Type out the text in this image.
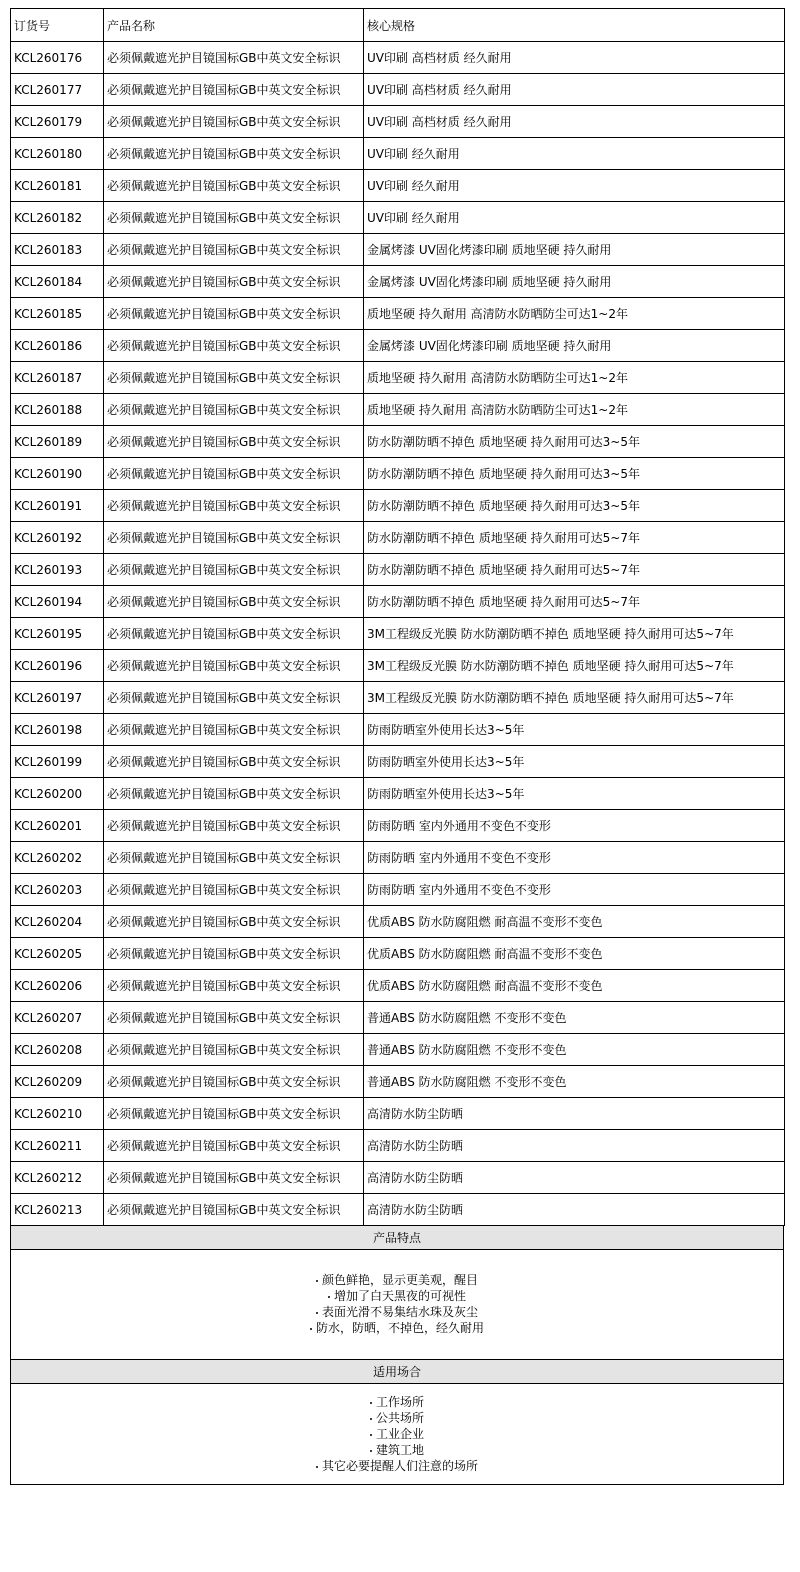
订货号	产品名称	核心规格
KCL260176	必须佩戴遮光护目镜国标GB中英文安全标识	UV印刷 高档材质 经久耐用
KCL260177	必须佩戴遮光护目镜国标GB中英文安全标识	UV印刷 高档材质 经久耐用
KCL260179	必须佩戴遮光护目镜国标GB中英文安全标识	UV印刷 高档材质 经久耐用
KCL260180	必须佩戴遮光护目镜国标GB中英文安全标识	UV印刷 经久耐用
KCL260181	必须佩戴遮光护目镜国标GB中英文安全标识	UV印刷 经久耐用
KCL260182	必须佩戴遮光护目镜国标GB中英文安全标识	UV印刷 经久耐用
KCL260183	必须佩戴遮光护目镜国标GB中英文安全标识	金属烤漆 UV固化烤漆印刷 质地坚硬 持久耐用
KCL260184	必须佩戴遮光护目镜国标GB中英文安全标识	金属烤漆 UV固化烤漆印刷 质地坚硬 持久耐用
KCL260185	必须佩戴遮光护目镜国标GB中英文安全标识	质地坚硬 持久耐用 高清防水防晒防尘可达1~2年
KCL260186	必须佩戴遮光护目镜国标GB中英文安全标识	金属烤漆 UV固化烤漆印刷 质地坚硬 持久耐用
KCL260187	必须佩戴遮光护目镜国标GB中英文安全标识	质地坚硬 持久耐用 高清防水防晒防尘可达1~2年
KCL260188	必须佩戴遮光护目镜国标GB中英文安全标识	质地坚硬 持久耐用 高清防水防晒防尘可达1~2年
KCL260189	必须佩戴遮光护目镜国标GB中英文安全标识	防水防潮防晒不掉色 质地坚硬 持久耐用可达3~5年
KCL260190	必须佩戴遮光护目镜国标GB中英文安全标识	防水防潮防晒不掉色 质地坚硬 持久耐用可达3~5年
KCL260191	必须佩戴遮光护目镜国标GB中英文安全标识	防水防潮防晒不掉色 质地坚硬 持久耐用可达3~5年
KCL260192	必须佩戴遮光护目镜国标GB中英文安全标识	防水防潮防晒不掉色 质地坚硬 持久耐用可达5~7年
KCL260193	必须佩戴遮光护目镜国标GB中英文安全标识	防水防潮防晒不掉色 质地坚硬 持久耐用可达5~7年
KCL260194	必须佩戴遮光护目镜国标GB中英文安全标识	防水防潮防晒不掉色 质地坚硬 持久耐用可达5~7年
KCL260195	必须佩戴遮光护目镜国标GB中英文安全标识	3M工程级反光膜 防水防潮防晒不掉色 质地坚硬 持久耐用可达5~7年
KCL260196	必须佩戴遮光护目镜国标GB中英文安全标识	3M工程级反光膜 防水防潮防晒不掉色 质地坚硬 持久耐用可达5~7年
KCL260197	必须佩戴遮光护目镜国标GB中英文安全标识	3M工程级反光膜 防水防潮防晒不掉色 质地坚硬 持久耐用可达5~7年
KCL260198	必须佩戴遮光护目镜国标GB中英文安全标识	防雨防晒室外使用长达3~5年
KCL260199	必须佩戴遮光护目镜国标GB中英文安全标识	防雨防晒室外使用长达3~5年
KCL260200	必须佩戴遮光护目镜国标GB中英文安全标识	防雨防晒室外使用长达3~5年
KCL260201	必须佩戴遮光护目镜国标GB中英文安全标识	防雨防晒 室内外通用不变色不变形
KCL260202	必须佩戴遮光护目镜国标GB中英文安全标识	防雨防晒 室内外通用不变色不变形
KCL260203	必须佩戴遮光护目镜国标GB中英文安全标识	防雨防晒 室内外通用不变色不变形
KCL260204	必须佩戴遮光护目镜国标GB中英文安全标识	优质ABS 防水防腐阻燃 耐高温不变形不变色
KCL260205	必须佩戴遮光护目镜国标GB中英文安全标识	优质ABS 防水防腐阻燃 耐高温不变形不变色
KCL260206	必须佩戴遮光护目镜国标GB中英文安全标识	优质ABS 防水防腐阻燃 耐高温不变形不变色
KCL260207	必须佩戴遮光护目镜国标GB中英文安全标识	普通ABS 防水防腐阻燃 不变形不变色
KCL260208	必须佩戴遮光护目镜国标GB中英文安全标识	普通ABS 防水防腐阻燃 不变形不变色
KCL260209	必须佩戴遮光护目镜国标GB中英文安全标识	普通ABS 防水防腐阻燃 不变形不变色
KCL260210	必须佩戴遮光护目镜国标GB中英文安全标识	高清防水防尘防晒
KCL260211	必须佩戴遮光护目镜国标GB中英文安全标识	高清防水防尘防晒
KCL260212	必须佩戴遮光护目镜国标GB中英文安全标识	高清防水防尘防晒
KCL260213	必须佩戴遮光护目镜国标GB中英文安全标识	高清防水防尘防晒
产品特点
颜色鲜艳，显示更美观，醒目
增加了白天黑夜的可视性
表面光滑不易集结水珠及灰尘
防水，防晒，不掉色，经久耐用
适用场合
工作场所
公共场所
工业企业
建筑工地
其它必要提醒人们注意的场所
